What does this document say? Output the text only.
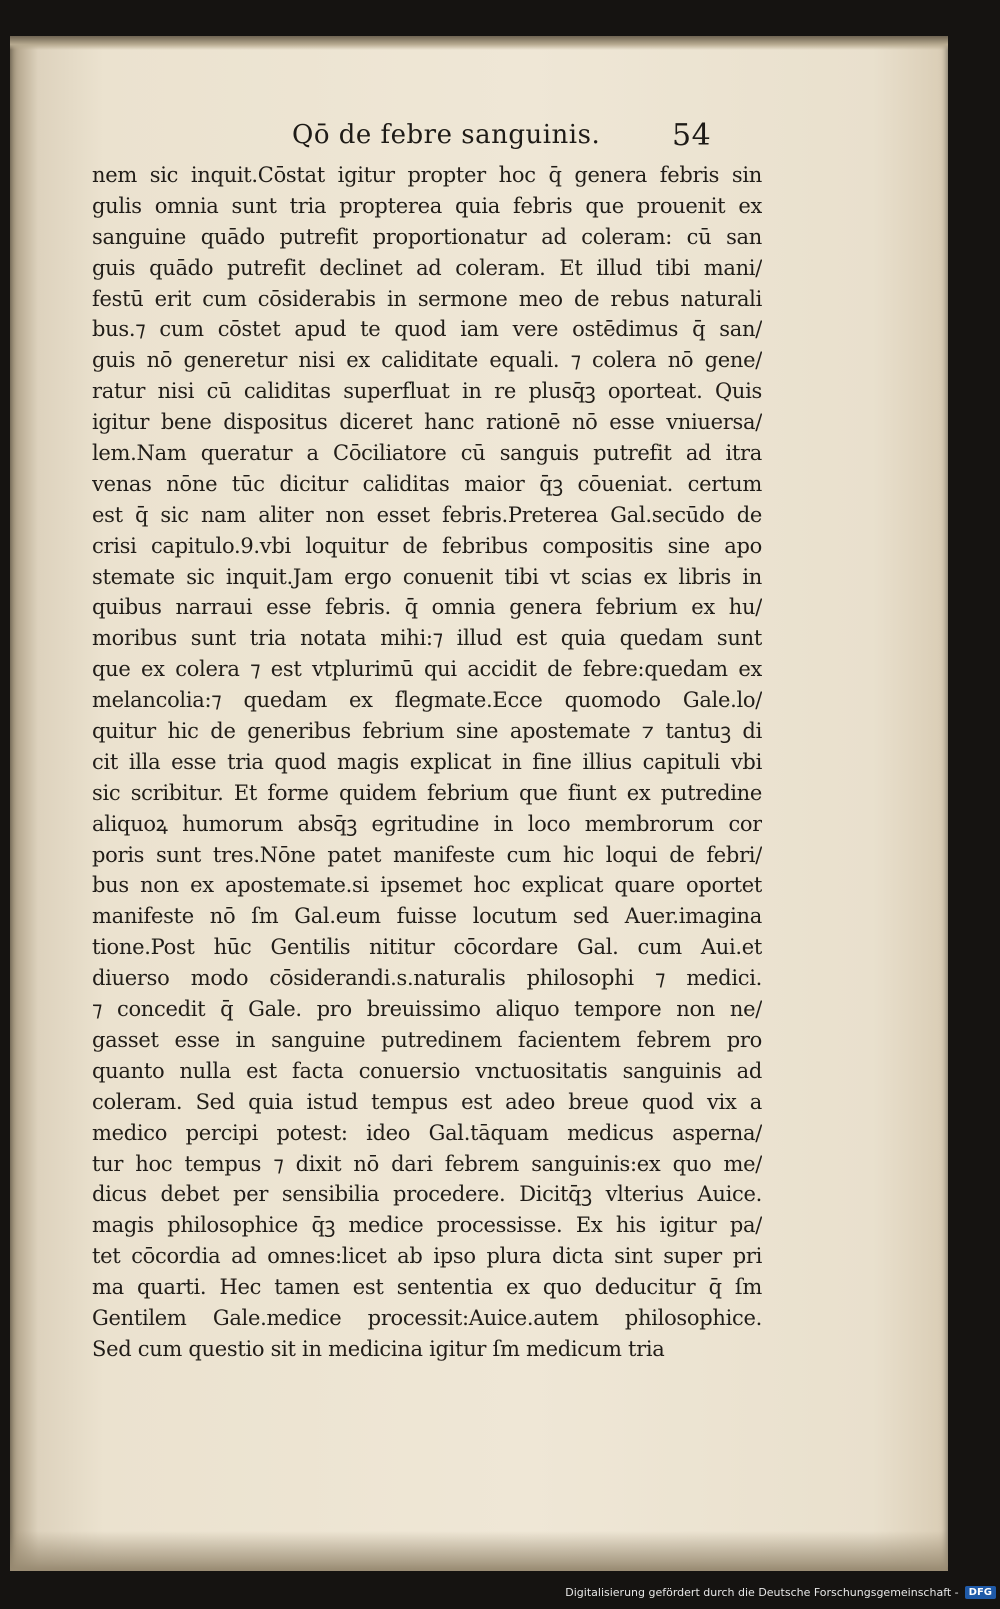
Qō de febre sanguinis. 54
nem sic inquit.Cōstat igitur propter hoc q̄ genera febris sin
gulis omnia sunt tria propterea quia febris que prouenit ex
sanguine quādo putrefit proportionatur ad coleram: cū san
guis quādo putrefit declinet ad coleram. Et illud tibi mani/
festū erit cum cōsiderabis in sermone meo de rebus naturali
bus.⁊ cum cōstet apud te quod iam vere ostēdimus q̄ san/
guis nō generetur nisi ex caliditate equali. ⁊ colera nō gene/
ratur nisi cū caliditas superfluat in re plusq̄ꝫ oporteat. Quis
igitur bene dispositus diceret hanc rationē nō esse vniuersa/
lem.Nam queratur a Cōciliatore cū sanguis putrefit ad itra
venas nōne tūc dicitur caliditas maior q̄ꝫ cōueniat. certum
est q̄ sic nam aliter non esset febris.Preterea Gal.secūdo de
crisi capitulo.9.vbi loquitur de febribus compositis sine apo
stemate sic inquit.Jam ergo conuenit tibi vt scias ex libris in
quibus narraui esse febris. q̄ omnia genera febrium ex hu/
moribus sunt tria notata mihi:⁊ illud est quia quedam sunt
que ex colera ⁊ est vtplurimū qui accidit de febre:quedam ex
melancolia:⁊ quedam ex flegmate.Ecce quomodo Gale.lo/
quitur hic de generibus febrium sine apostemate ⁊ tantuꝫ di
cit illa esse tria quod magis explicat in fine illius capituli vbi
sic scribitur. Et forme quidem febrium que fiunt ex putredine
aliquoꝝ humorum absq̄ꝫ egritudine in loco membrorum cor
poris sunt tres.Nōne patet manifeste cum hic loqui de febri/
bus non ex apostemate.si ipsemet hoc explicat quare oportet
manifeste nō ſm Gal.eum fuisse locutum sed Auer.imagina
tione.Post hūc Gentilis nititur cōcordare Gal. cum Aui.et
diuerso modo cōsiderandi.s.naturalis philosophi ⁊ medici.
⁊ concedit q̄ Gale. pro breuissimo aliquo tempore non ne/
gasset esse in sanguine putredinem facientem febrem pro
quanto nulla est facta conuersio vnctuositatis sanguinis ad
coleram. Sed quia istud tempus est adeo breue quod vix a
medico percipi potest: ideo Gal.tāquam medicus asperna/
tur hoc tempus ⁊ dixit nō dari febrem sanguinis:ex quo me/
dicus debet per sensibilia procedere. Dicitq̄ꝫ vlterius Auice.
magis philosophice q̄ꝫ medice processisse. Ex his igitur pa/
tet cōcordia ad omnes:licet ab ipso plura dicta sint super pri
ma quarti. Hec tamen est sententia ex quo deducitur q̄ ſm
Gentilem Gale.medice processit:Auice.autem philosophice.
Sed cum questio sit in medicina igitur ſm medicum tria
Digitalisierung gefördert durch die Deutsche Forschungsgemeinschaft -	DFG
